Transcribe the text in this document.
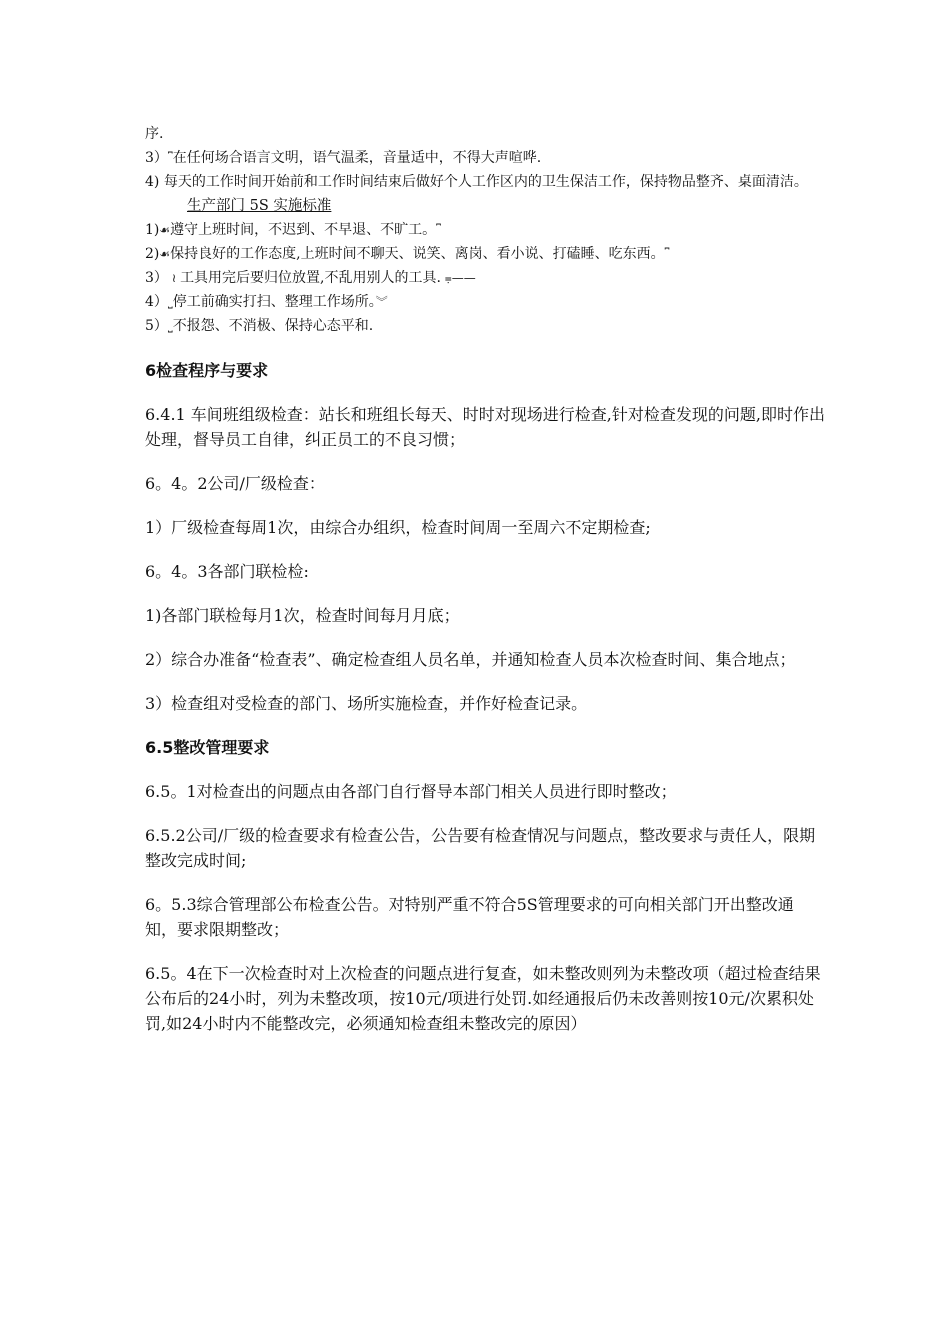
序.

3）⎴在任何场合语言文明，语气温柔，音量适中，不得大声喧哗.

4) 每天的工作时间开始前和工作时间结束后做好个人工作区内的卫生保洁工作，保持物品整齐、桌面清洁。

生产部门 5S 实施标准

1)☙遵守上班时间，不迟到、不早退、不旷工。⎴

2)☙保持良好的工作态度,上班时间不聊天、说笑、离岗、看小说、打磕睡、吃东西。⎴

3） ≀ 工具用完后要归位放置,不乱用别人的工具. ⩦——

4）⎵停工前确实打扫、整理工作场所。︾

5）⎵不报怨、不消极、保持心态平和.

6检查程序与要求

6.4.1 车间班组级检查：站长和班组长每天、时时对现场进行检查,针对检查发现的问题,即时作出处理，督导员工自律，纠正员工的不良习惯；

6。4。2公司/厂级检查：

1）厂级检查每周1次，由综合办组织，检查时间周一至周六不定期检查;

6。4。3各部门联检检:

1)各部门联检每月1次，检查时间每月月底；

2）综合办准备“检查表”、确定检查组人员名单，并通知检查人员本次检查时间、集合地点；

3）检查组对受检查的部门、场所实施检查，并作好检查记录。

6.5整改管理要求

6.5。1对检查出的问题点由各部门自行督导本部门相关人员进行即时整改；

6.5.2公司/厂级的检查要求有检查公告，公告要有检查情况与问题点，整改要求与责任人，限期整改完成时间;

6。5.3综合管理部公布检查公告。对特别严重不符合5S管理要求的可向相关部门开出整改通知，要求限期整改；

6.5。4在下一次检查时对上次检查的问题点进行复查，如未整改则列为未整改项（超过检查结果公布后的24小时，列为未整改项，按10元/项进行处罚.如经通报后仍未改善则按10元/次累积处罚,如24小时内不能整改完，必须通知检查组未整改完的原因）
